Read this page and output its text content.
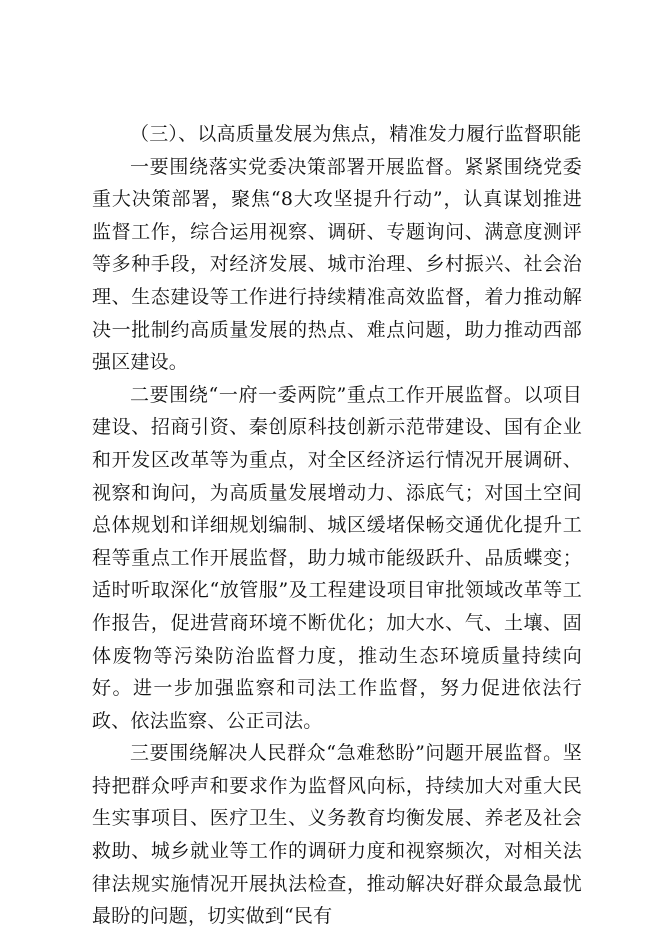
（三）、以高质量发展为焦点，精准发力履行监督职能

一要围绕落实党委决策部署开展监督。紧紧围绕党委重大决策部署，聚焦“8大攻坚提升行动”，认真谋划推进监督工作，综合运用视察、调研、专题询问、满意度测评等多种手段，对经济发展、城市治理、乡村振兴、社会治理、生态建设等工作进行持续精准高效监督，着力推动解决一批制约高质量发展的热点、难点问题，助力推动西部强区建设。

二要围绕“一府一委两院”重点工作开展监督。以项目建设、招商引资、秦创原科技创新示范带建设、国有企业和开发区改革等为重点，对全区经济运行情况开展调研、视察和询问，为高质量发展增动力、添底气；对国土空间总体规划和详细规划编制、城区缓堵保畅交通优化提升工程等重点工作开展监督，助力城市能级跃升、品质蝶变；适时听取深化“放管服”及工程建设项目审批领域改革等工作报告，促进营商环境不断优化；加大水、气、土壤、固体废物等污染防治监督力度，推动生态环境质量持续向好。进一步加强监察和司法工作监督，努力促进依法行政、依法监察、公正司法。

三要围绕解决人民群众“急难愁盼”问题开展监督。坚持把群众呼声和要求作为监督风向标，持续加大对重大民生实事项目、医疗卫生、义务教育均衡发展、养老及社会救助、城乡就业等工作的调研力度和视察频次，对相关法律法规实施情况开展执法检查，推动解决好群众最急最忧最盼的问题，切实做到“民有
